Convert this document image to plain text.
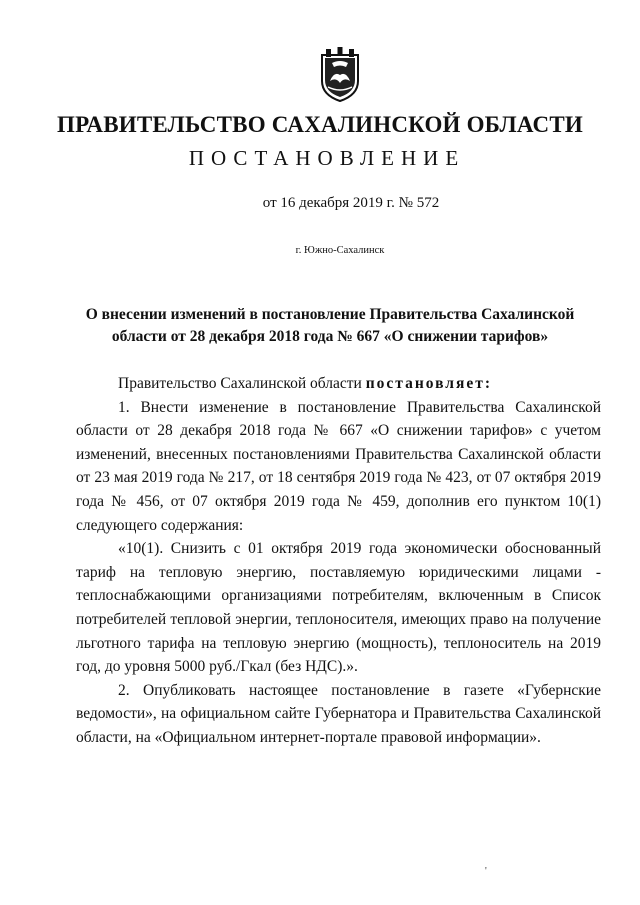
ПРАВИТЕЛЬСТВО САХАЛИНСКОЙ ОБЛАСТИ
ПОСТАНОВЛЕНИЕ
от 16 декабря 2019 г. № 572
г. Южно-Сахалинск
О внесении изменений в постановление Правительства Сахалинской
области от 28 декабря 2018 года № 667 «О снижении тарифов»

Правительство Сахалинской области постановляет:

1. Внести изменение в постановление Правительства Сахалинской области от 28 декабря 2018 года № 667 «О снижении тарифов» с учетом изменений, внесенных постановлениями Правительства Сахалинской области от 23 мая 2019 года № 217, от 18 сентября 2019 года № 423, от 07 октября 2019 года № 456, от 07 октября 2019 года № 459, дополнив его пунктом 10(1) следующего содержания:

«10(1). Снизить с 01 октября 2019 года экономически обоснованный тариф на тепловую энергию, поставляемую юридическими лицами - теплоснабжающими организациями потребителям, включенным в Список потребителей тепловой энергии, теплоносителя, имеющих право на получение льготного тарифа на тепловую энергию (мощность), теплоноситель на 2019 год, до уровня 5000 руб./Гкал (без НДС).».

2. Опубликовать настоящее постановление в газете «Губернские ведомости», на официальном сайте Губернатора и Правительства Сахалинской области, на «Официальном интернет-портале правовой информации».

'
